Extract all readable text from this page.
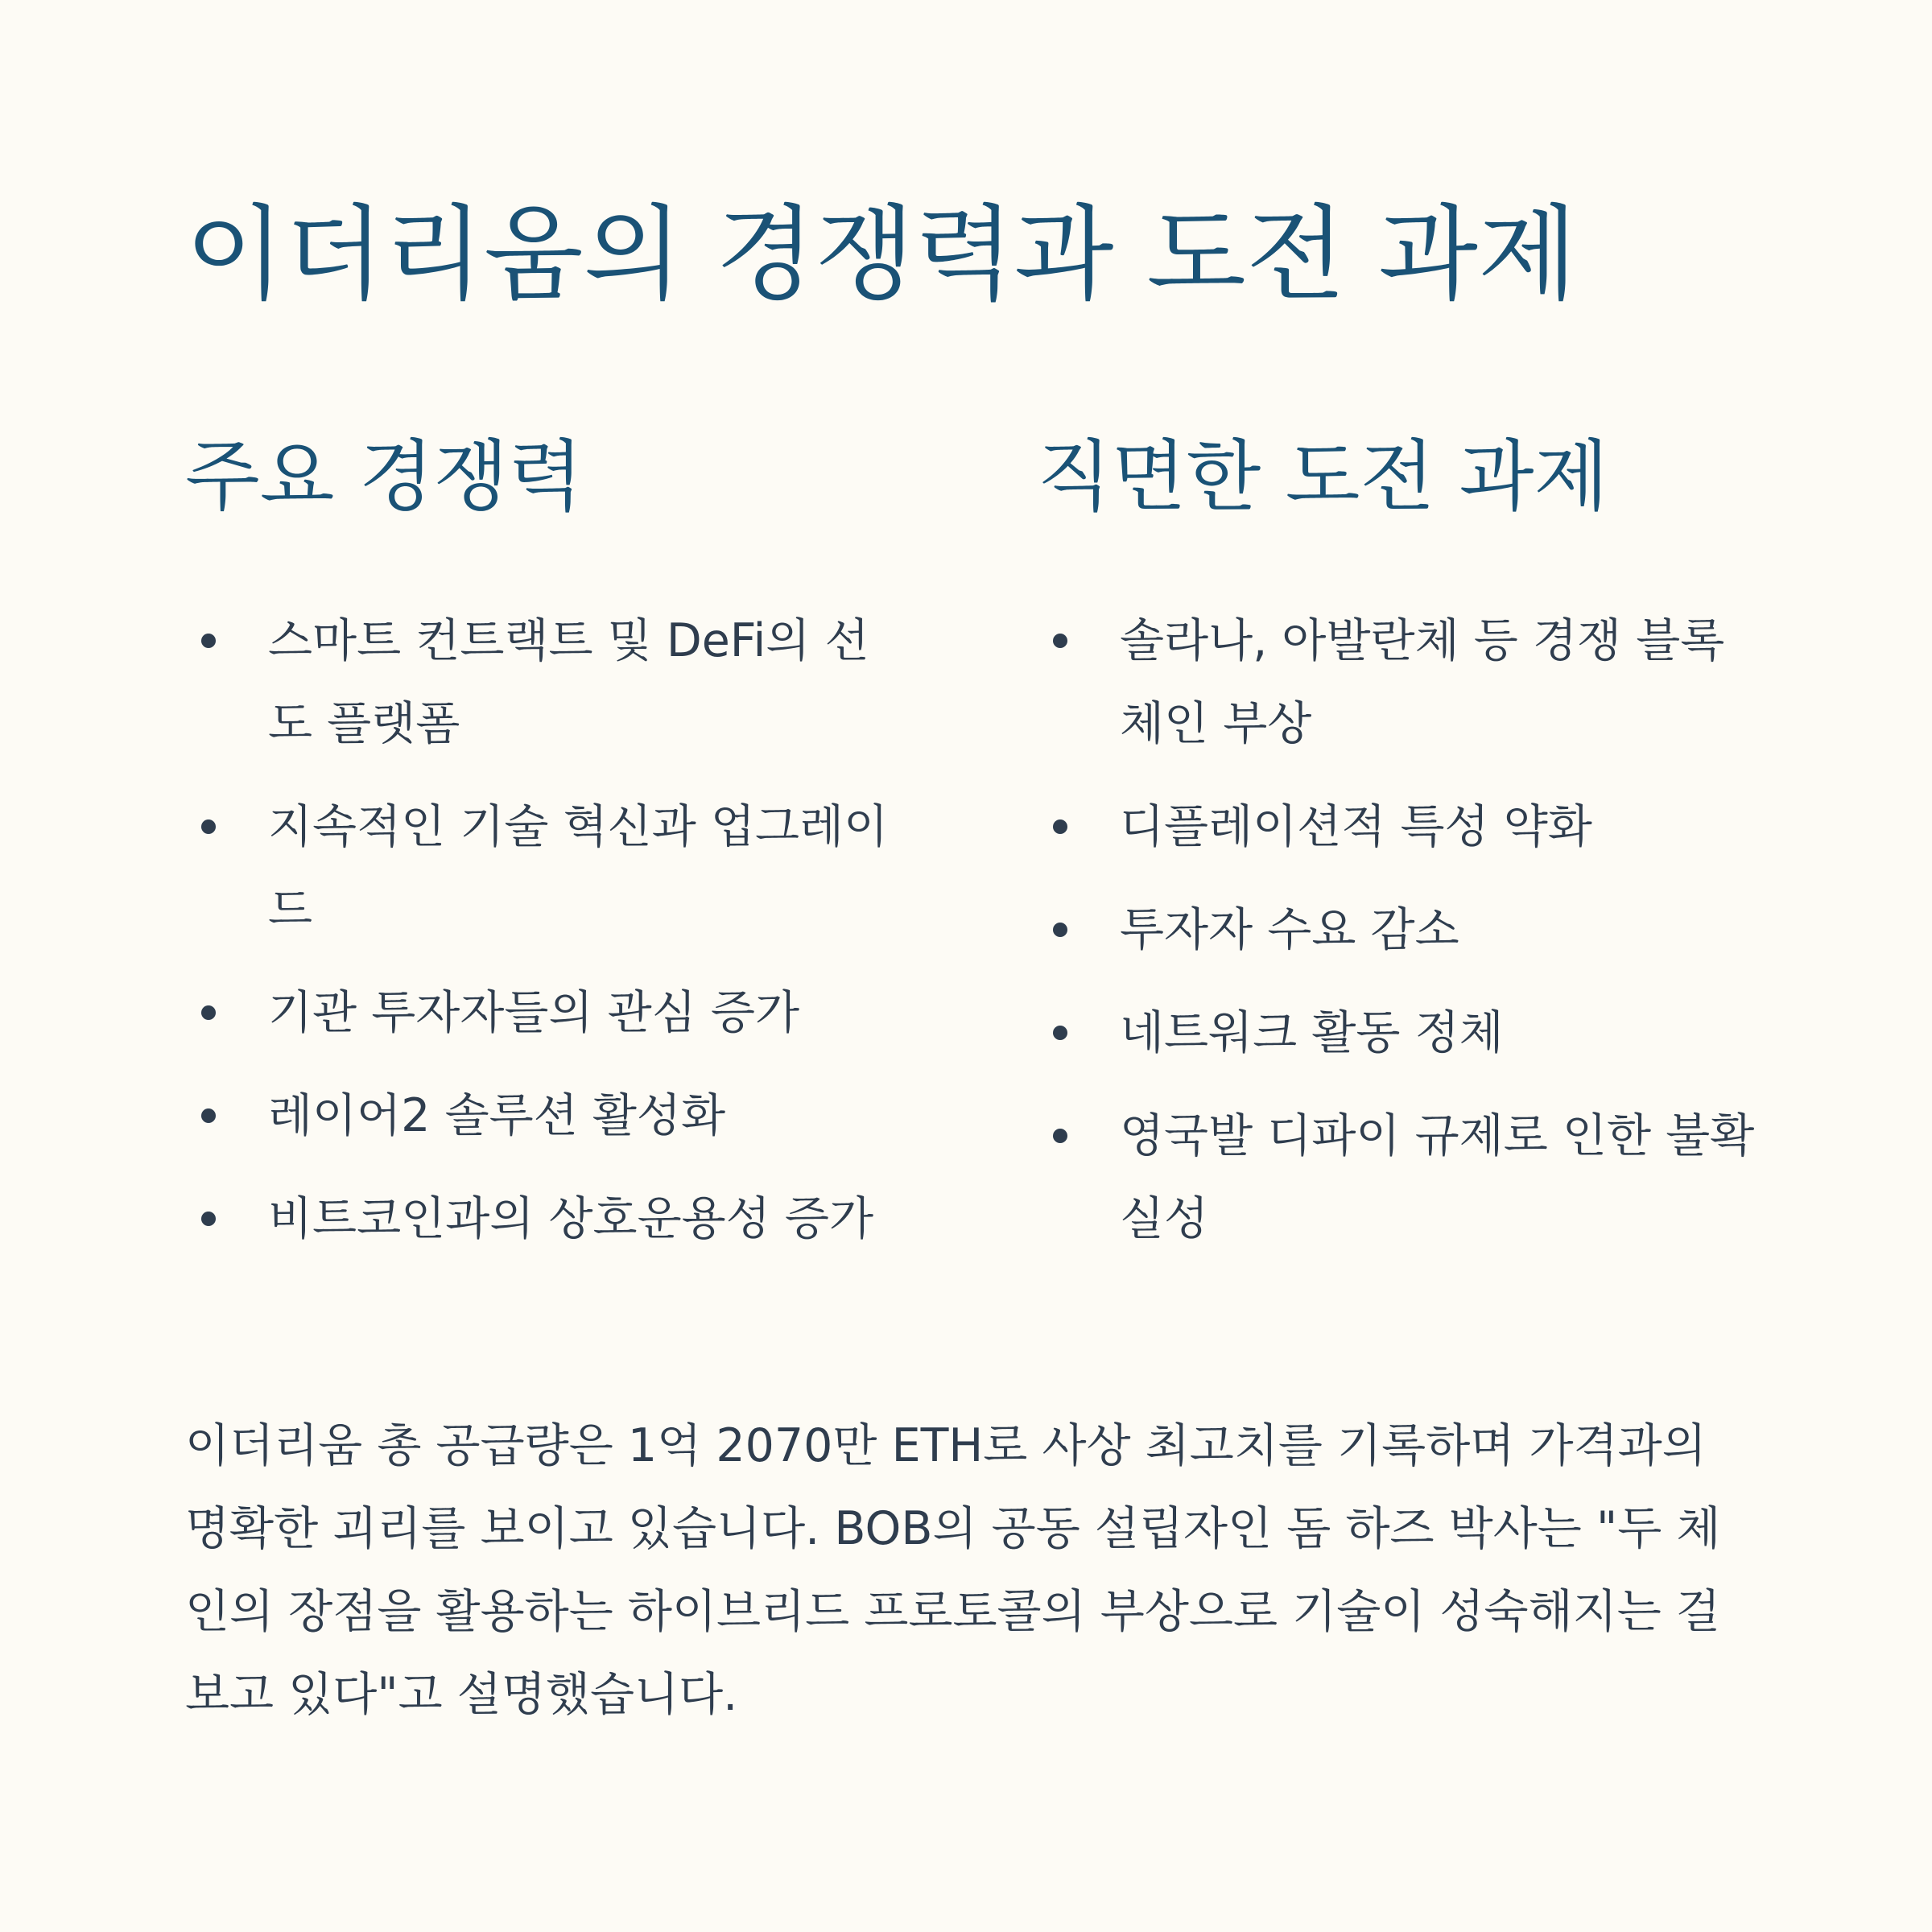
이더리움의 경쟁력과 도전 과제
주요 경쟁력
스마트 컨트랙트 및 DeFi의 선도 플랫폼
지속적인 기술 혁신과 업그레이드
기관 투자자들의 관심 증가
레이어2 솔루션 활성화
비트코인과의 상호운용성 증가
직면한 도전 과제
솔라나, 아발란체 등 경쟁 블록체인 부상
디플레이션적 특성 약화
투자자 수요 감소
네트워크 활동 정체
영국발 디파이 규제로 인한 불확실성

이더리움 총 공급량은 1억 2070만 ETH로 사상 최고치를 기록하며 가격과의 명확한 괴리를 보이고 있습니다. BOB의 공동 설립자인 돔 하즈 박사는 "두 체인의 장점을 활용하는 하이브리드 프로토콜의 부상으로 기술이 성숙해지는 걸 보고 있다"고 설명했습니다.
